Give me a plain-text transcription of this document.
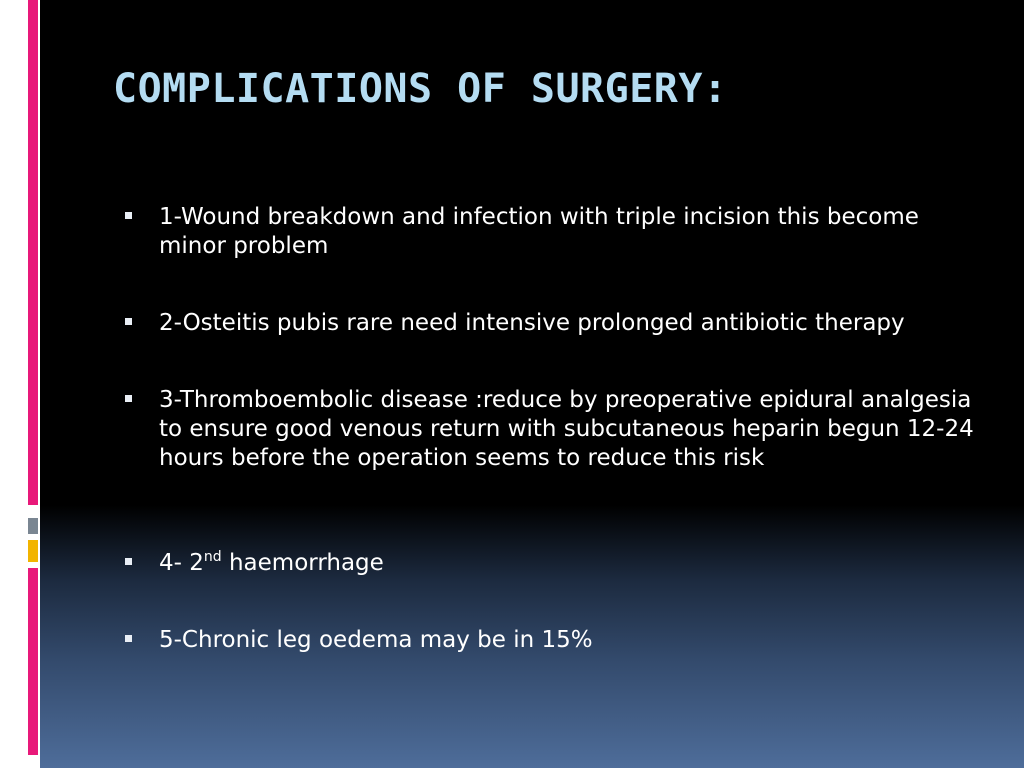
COMPLICATIONS OF SURGERY:
1-Wound breakdown and infection with triple incision this become minor problem
2-Osteitis pubis rare need intensive prolonged antibiotic therapy
3-Thromboembolic disease :reduce by preoperative epidural analgesia to ensure good venous return with subcutaneous heparin begun 12-24 hours before the operation seems to reduce this risk
4- 2nd haemorrhage
5-Chronic leg oedema may be in 15%
